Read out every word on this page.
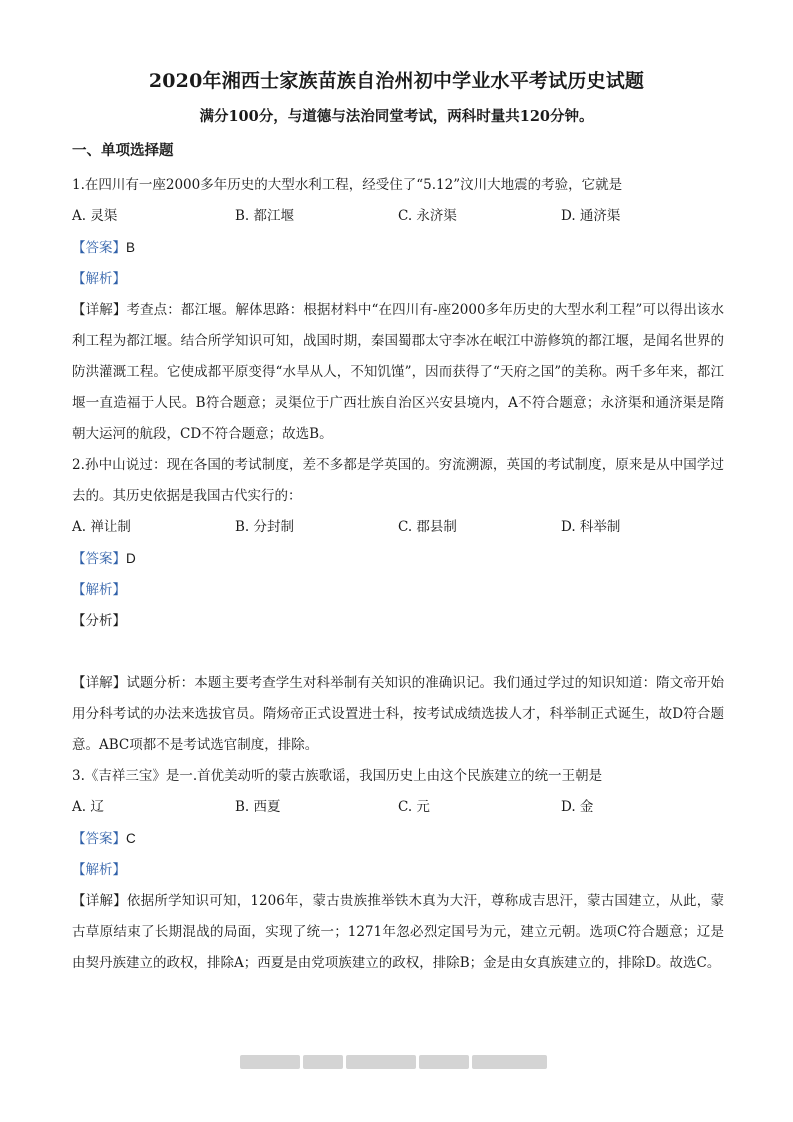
2020年湘西士家族苗族自治州初中学业水平考试历史试题
满分100分，与道德与法治同堂考试，两科时量共120分钟。
一、单项选择题
1.在四川有一座2000多年历史的大型水利工程，经受住了“5.12”汶川大地震的考验，它就是
A. 灵渠	B. 都江堰	C. 永济渠	D. 通济渠
【答案】B
【解析】
【详解】考查点：都江堰。解体思路：根据材料中“在四川有-座2000多年历史的大型水利工程”可以得出该水利工程为都江堰。结合所学知识可知，战国时期，秦国蜀郡太守李冰在岷江中游修筑的都江堰，是闻名世界的防洪灌溉工程。它使成都平原变得“水旱从人，不知饥馑”，因而获得了“天府之国”的美称。两千多年来，都江堰一直造福于人民。B符合题意；灵渠位于广西壮族自治区兴安县境内，A不符合题意；永济渠和通济渠是隋朝大运河的航段，CD不符合题意；故选B。
2.孙中山说过：现在各国的考试制度，差不多都是学英国的。穷流溯源，英国的考试制度，原来是从中国学过去的。其历史依据是我国古代实行的：
A. 禅让制	B. 分封制	C. 郡县制	D. 科举制
【答案】D
【解析】
【分析】
【详解】试题分析：本题主要考查学生对科举制有关知识的准确识记。我们通过学过的知识知道：隋文帝开始用分科考试的办法来选拔官员。隋炀帝正式设置进士科，按考试成绩选拔人才，科举制正式诞生，故D符合题意。ABC项都不是考试选官制度，排除。
3.《吉祥三宝》是一.首优美动听的蒙古族歌谣，我国历史上由这个民族建立的统一王朝是
A. 辽	B. 西夏	C. 元	D. 金
【答案】C
【解析】
【详解】依据所学知识可知，1206年，蒙古贵族推举铁木真为大汗，尊称成吉思汗，蒙古国建立，从此，蒙古草原结束了长期混战的局面，实现了统一；1271年忽必烈定国号为元，建立元朝。选项C符合题意；辽是由契丹族建立的政权，排除A；西夏是由党项族建立的政权，排除B；金是由女真族建立的，排除D。故选C。
